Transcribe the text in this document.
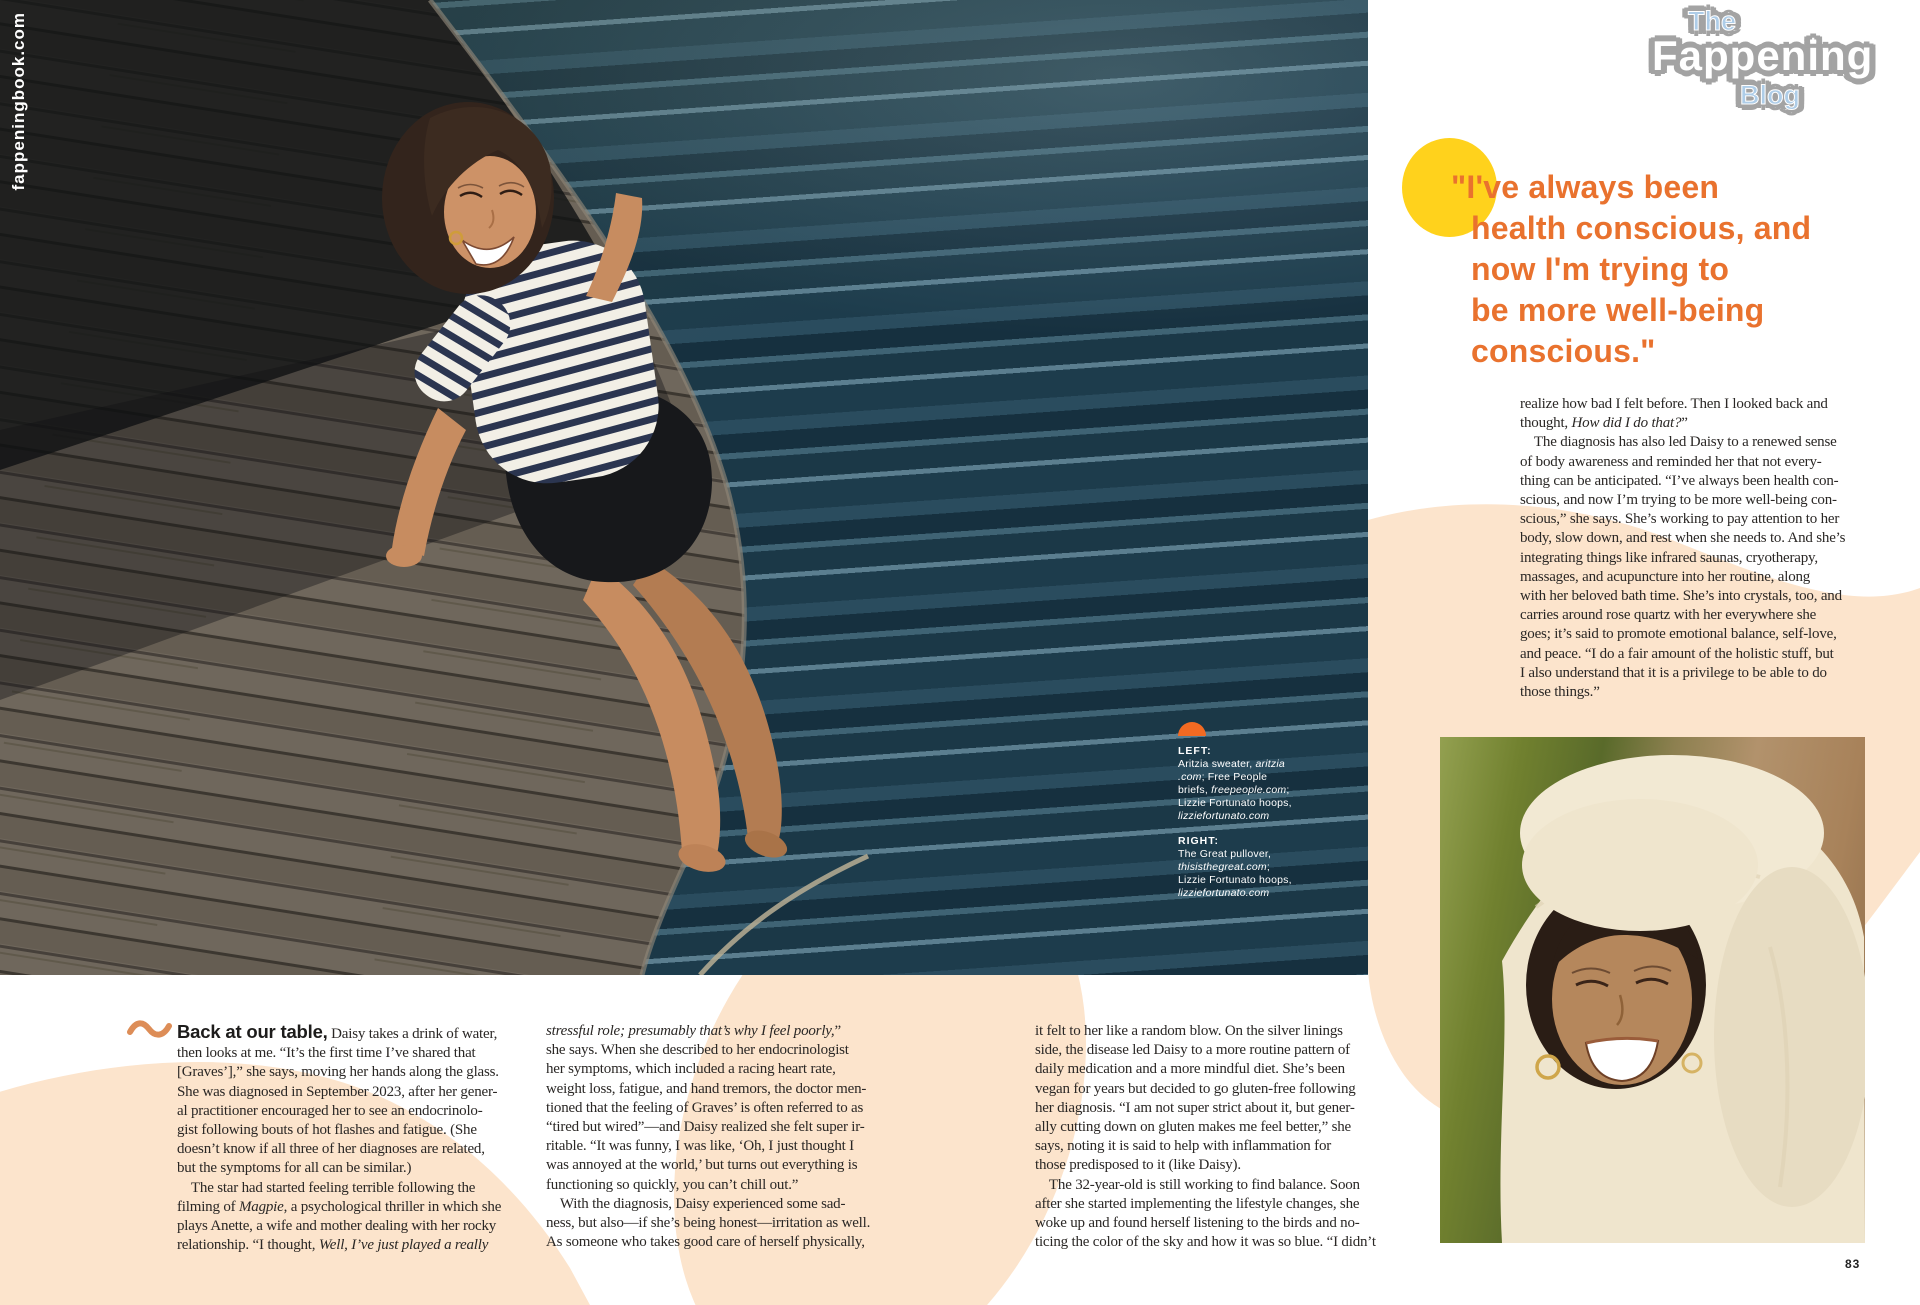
LEFT:
Aritzia sweater, aritzia
.com; Free People
briefs, freepeople.com;
Lizzie Fortunato hoops,
lizziefortunato.com
RIGHT:
The Great pullover,
thisisthegreat.com;
Lizzie Fortunato hoops,
lizziefortunato.com
fappeningbook.com	The
Fappening
Blog
"I've always been
health conscious, and
now I'm trying to
be more well-being
conscious."
realize how bad I felt before. Then I looked back and
thought, How did I do that?”
The diagnosis has also led Daisy to a renewed sense
of body awareness and reminded her that not every-
thing can be anticipated. “I’ve always been health con-
scious, and now I’m trying to be more well-being con-
scious,” she says. She’s working to pay attention to her
body, slow down, and rest when she needs to. And she’s
integrating things like infrared saunas, cryotherapy,
massages, and acupuncture into her routine, along
with her beloved bath time. She’s into crystals, too, and
carries around rose quartz with her everywhere she
goes; it’s said to promote emotional balance, self-love,
and peace. “I do a fair amount of the holistic stuff, but
I also understand that it is a privilege to be able to do
those things.”
Back at our table, Daisy takes a drink of water,
then looks at me. “It’s the first time I’ve shared that
[Graves’],” she says, moving her hands along the glass.
She was diagnosed in September 2023, after her gener-
al practitioner encouraged her to see an endocrinolo-
gist following bouts of hot flashes and fatigue. (She
doesn’t know if all three of her diagnoses are related,
but the symptoms for all can be similar.)
The star had started feeling terrible following the
filming of Magpie, a psychological thriller in which she
plays Anette, a wife and mother dealing with her rocky
relationship. “I thought, Well, I’ve just played a really
stressful role; presumably that’s why I feel poorly,”
she says. When she described to her endocrinologist
her symptoms, which included a racing heart rate,
weight loss, fatigue, and hand tremors, the doctor men-
tioned that the feeling of Graves’ is often referred to as
“tired but wired”—and Daisy realized she felt super ir-
ritable. “It was funny, I was like, ‘Oh, I just thought I
was annoyed at the world,’ but turns out everything is
functioning so quickly, you can’t chill out.”
With the diagnosis, Daisy experienced some sad-
ness, but also—if she’s being honest—irritation as well.
As someone who takes good care of herself physically,
it felt to her like a random blow. On the silver linings
side, the disease led Daisy to a more routine pattern of
daily medication and a more mindful diet. She’s been
vegan for years but decided to go gluten-free following
her diagnosis. “I am not super strict about it, but gener-
ally cutting down on gluten makes me feel better,” she
says, noting it is said to help with inflammation for
those predisposed to it (like Daisy).
The 32-year-old is still working to find balance. Soon
after she started implementing the lifestyle changes, she
woke up and found herself listening to the birds and no-
ticing the color of the sky and how it was so blue. “I didn’t
83
